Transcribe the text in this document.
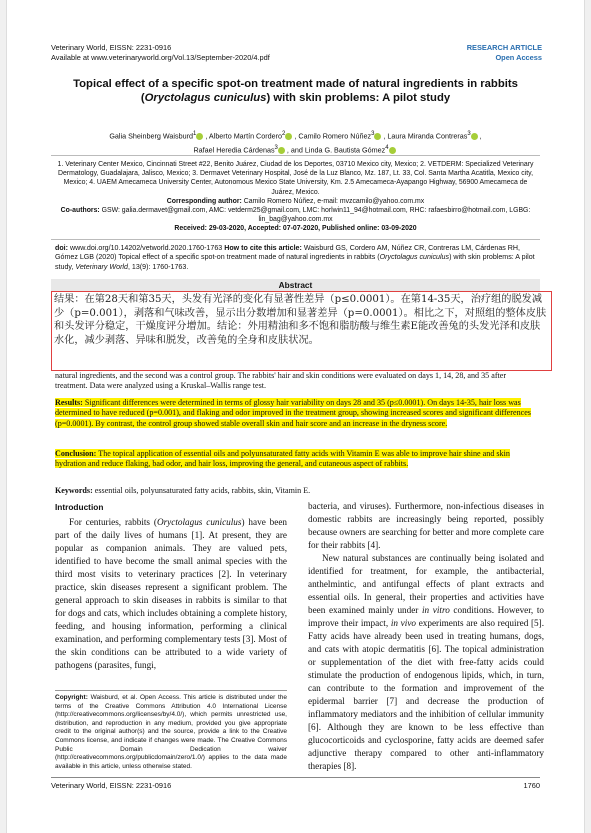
Veterinary World, EISSN: 2231-0916
Available at www.veterinaryworld.org/Vol.13/September-2020/4.pdf
RESEARCH ARTICLE
Open Access
Topical effect of a specific spot-on treatment made of natural ingredients in rabbits (Oryctolagus cuniculus) with skin problems: A pilot study
Galia Sheinberg Waisburd$^1$ , Alberto Martín Cordero$^2$ , Camilo Romero Núñez$^3$ , Laura Miranda Contreras$^3$ ,
Rafael Heredia Cárdenas$^3$ , and Linda G. Bautista Gómez$^4$
1. Veterinary Center Mexico, Cincinnati Street #22, Benito Juárez, Ciudad de los Deportes, 03710 Mexico city, Mexico; 2. VETDERM: Specialized Veterinary Dermatology, Guadalajara, Jalisco, Mexico; 3. Dermavet Veterinary Hospital, José de la Luz Blanco, Mz. 187, Lt. 33, Col. Santa Martha Acatitla, Mexico city, Mexico; 4. UAEM Amecameca University Center, Autonomous Mexico State University, Km. 2.5 Amecameca-Ayapango Highway, 56900 Amecameca de Juárez, Mexico.
Corresponding author: Camilo Romero Núñez, e-mail: mvzcamilo@yahoo.com.mx
Co-authors: GSW: galia.dermavet@gmail.com, AMC: vetderm25@gmail.com, LMC: horlwin11_94@hotmail.com, RHC: rafaesbirro@hotmail.com, LGBG: lin_bag@yahoo.com.mx
Received: 29-03-2020, Accepted: 07-07-2020, Published online: 03-09-2020
doi: www.doi.org/10.14202/vetworld.2020.1760-1763 How to cite this article: Waisburd GS, Cordero AM, Núñez CR, Contreras LM, Cárdenas RH, Gómez LGB (2020) Topical effect of a specific spot-on treatment made of natural ingredients in rabbits (Oryctolagus cuniculus) with skin problems: A pilot study, Veterinary World, 13(9): 1760-1763.
Abstract
natural ingredients, and the second was a control group. The rabbits' hair and skin conditions were evaluated on days 1, 14, 28, and 35 after treatment. Data were analyzed using a Kruskal–Wallis range test.
结果：在第28天和第35天，头发有光泽的变化有显著性差异（p≤0.0001）。在第14-35天，治疗组的脱发减少（p=0.001），剥落和气味改善，显示出分数增加和显著差异（p=0.0001）。相比之下，对照组的整体皮肤和头发评分稳定，干燥度评分增加。结论：外用精油和多不饱和脂肪酸与维生素E能改善兔的头发光泽和皮肤水化，减少剥落、异味和脱发，改善兔的全身和皮肤状况。
Results: Significant differences were determined in terms of glossy hair variability on days 28 and 35 (p≤0.0001). On days 14-35, hair loss was determined to have reduced (p=0.001), and flaking and odor improved in the treatment group, showing increased scores and significant differences (p=0.0001). By contrast, the control group showed stable overall skin and hair score and an increase in the dryness score.
Conclusion: The topical application of essential oils and polyunsaturated fatty acids with Vitamin E was able to improve hair shine and skin hydration and reduce flaking, bad odor, and hair loss, improving the general, and cutaneous aspect of rabbits.
Keywords: essential oils, polyunsaturated fatty acids, rabbits, skin, Vitamin E.
Introduction

For centuries, rabbits (Oryctolagus cuniculus) have been part of the daily lives of humans [1]. At present, they are popular as companion animals. They are valued pets, identified to have become the small animal species with the third most visits to veterinary practices [2]. In veterinary practice, skin diseases represent a significant problem. The general approach to skin diseases in rabbits is similar to that for dogs and cats, which includes obtaining a complete history, feeding, and housing information, performing a clinical examination, and performing complementary tests [3]. Most of the skin conditions can be attributed to a wide variety of pathogens (parasites, fungi,

bacteria, and viruses). Furthermore, non-infectious diseases in domestic rabbits are increasingly being reported, possibly because owners are searching for better and more complete care for their rabbits [4].

New natural substances are continually being isolated and identified for treatment, for example, the antibacterial, anthelmintic, and antifungal effects of plant extracts and essential oils. In general, their properties and activities have been examined mainly under in vitro conditions. However, to improve their impact, in vivo experiments are also required [5]. Fatty acids have already been used in treating humans, dogs, and cats with atopic dermatitis [6]. The topical administration or supplementation of the diet with free-fatty acids could stimulate the production of endogenous lipids, which, in turn, can contribute to the formation and improvement of the epidermal barrier [7] and decrease the production of inflammatory mediators and the inhibition of cellular immunity [6]. Although they are known to be less effective than glucocorticoids and cyclosporine, fatty acids are deemed safer adjunctive therapy compared to other anti-inflammatory therapies [8].

Copyright: Waisburd, et al. Open Access. This article is distributed under the terms of the Creative Commons Attribution 4.0 International License (http://creativecommons.org/licenses/by/4.0/), which permits unrestricted use, distribution, and reproduction in any medium, provided you give appropriate credit to the original author(s) and the source, provide a link to the Creative Commons license, and indicate if changes were made. The Creative Commons Public Domain Dedication waiver (http://creativecommons.org/publicdomain/zero/1.0/) applies to the data made available in this article, unless otherwise stated.
Veterinary World, EISSN: 2231-0916	1760
